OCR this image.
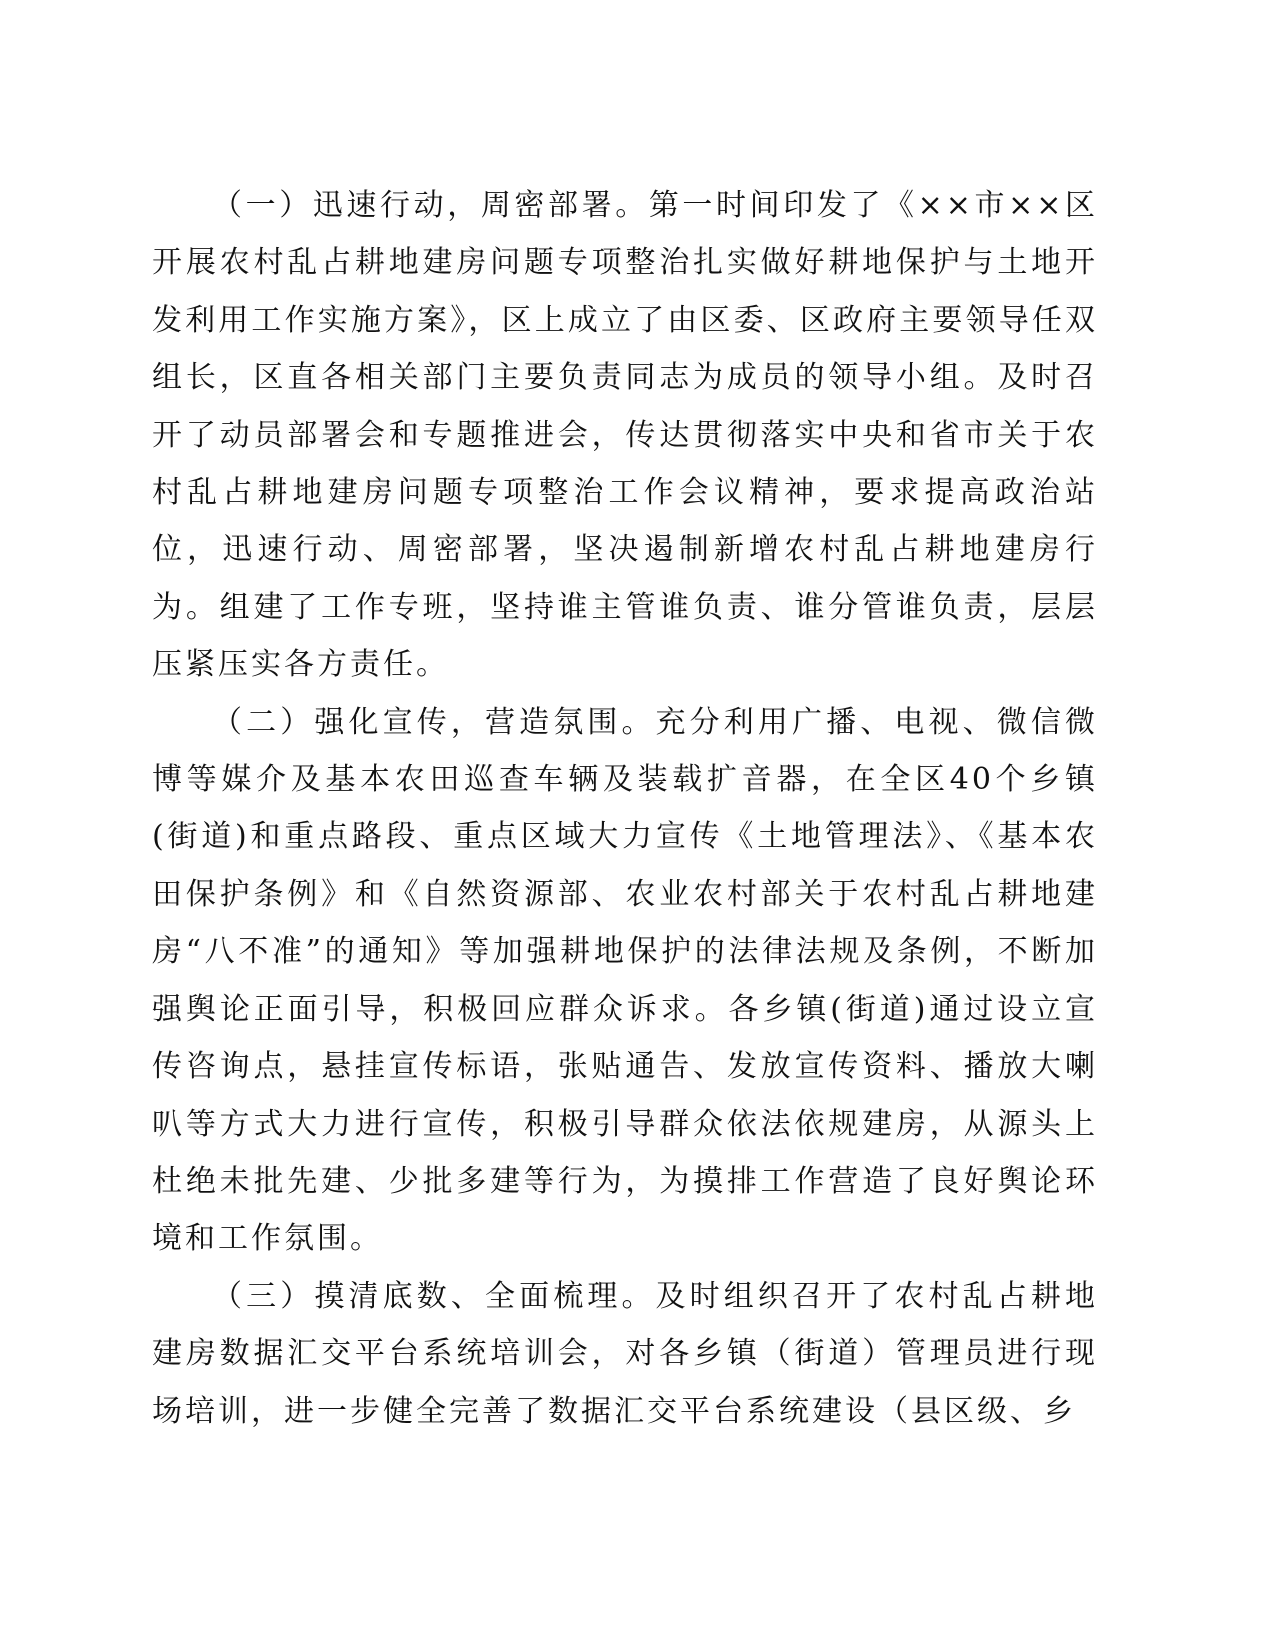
（一）迅速行动，周密部署。第一时间印发了《××市××区开展农村乱占耕地建房问题专项整治扎实做好耕地保护与土地开发利用工作实施方案》，区上成立了由区委、区政府主要领导任双组长，区直各相关部门主要负责同志为成员的领导小组。及时召开了动员部署会和专题推进会，传达贯彻落实中央和省市关于农村乱占耕地建房问题专项整治工作会议精神，要求提高政治站位，迅速行动、周密部署，坚决遏制新增农村乱占耕地建房行为。组建了工作专班，坚持谁主管谁负责、谁分管谁负责，层层压紧压实各方责任。

（二）强化宣传，营造氛围。充分利用广播、电视、微信微博等媒介及基本农田巡查车辆及装载扩音器，在全区40个乡镇(街道)和重点路段、重点区域大力宣传《土地管理法》、《基本农田保护条例》和《自然资源部、农业农村部关于农村乱占耕地建房“八不准”的通知》等加强耕地保护的法律法规及条例，不断加强舆论正面引导，积极回应群众诉求。各乡镇(街道)通过设立宣传咨询点，悬挂宣传标语，张贴通告、发放宣传资料、播放大喇叭等方式大力进行宣传，积极引导群众依法依规建房，从源头上杜绝未批先建、少批多建等行为，为摸排工作营造了良好舆论环境和工作氛围。

（三）摸清底数、全面梳理。及时组织召开了农村乱占耕地建房数据汇交平台系统培训会，对各乡镇（街道）管理员进行现场培训，进一步健全完善了数据汇交平台系统建设（县区级、乡
